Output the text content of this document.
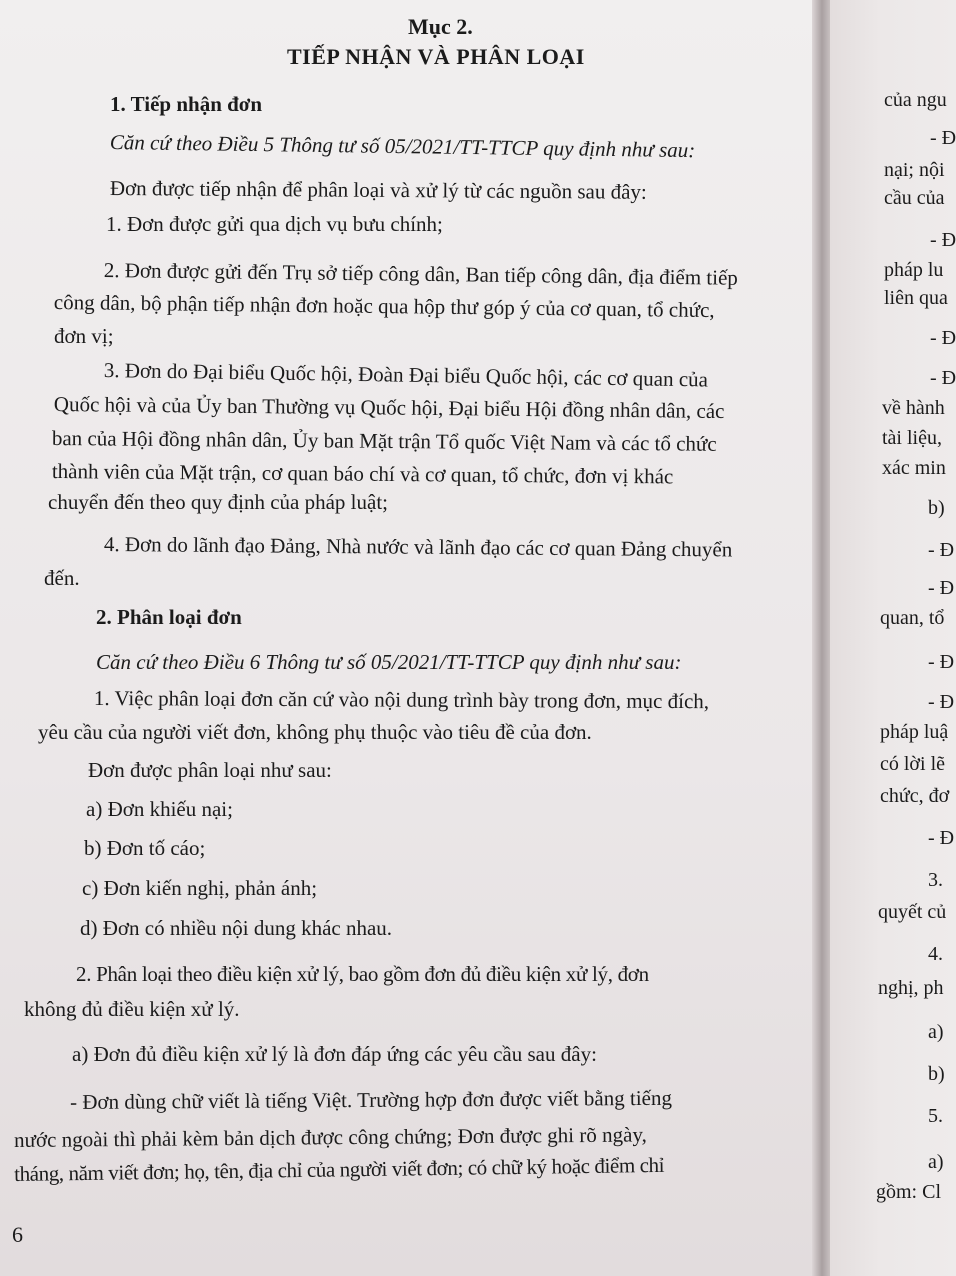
Mục 2.
TIẾP NHẬN VÀ PHÂN LOẠI
1. Tiếp nhận đơn
Căn cứ theo Điều 5 Thông tư số 05/2021/TT-TTCP quy định như sau:
Đơn được tiếp nhận để phân loại và xử lý từ các nguồn sau đây:
1. Đơn được gửi qua dịch vụ bưu chính;
2. Đơn được gửi đến Trụ sở tiếp công dân, Ban tiếp công dân, địa điểm tiếp
công dân, bộ phận tiếp nhận đơn hoặc qua hộp thư góp ý của cơ quan, tổ chức,
đơn vị;
3. Đơn do Đại biểu Quốc hội, Đoàn Đại biểu Quốc hội, các cơ quan của
Quốc hội và của Ủy ban Thường vụ Quốc hội, Đại biểu Hội đồng nhân dân, các
ban của Hội đồng nhân dân, Ủy ban Mặt trận Tổ quốc Việt Nam và các tổ chức
thành viên của Mặt trận, cơ quan báo chí và cơ quan, tổ chức, đơn vị khác
chuyển đến theo quy định của pháp luật;
4. Đơn do lãnh đạo Đảng, Nhà nước và lãnh đạo các cơ quan Đảng chuyển
đến.
2. Phân loại đơn
Căn cứ theo Điều 6 Thông tư số 05/2021/TT-TTCP quy định như sau:
1. Việc phân loại đơn căn cứ vào nội dung trình bày trong đơn, mục đích,
yêu cầu của người viết đơn, không phụ thuộc vào tiêu đề của đơn.
Đơn được phân loại như sau:
a) Đơn khiếu nại;
b) Đơn tố cáo;
c) Đơn kiến nghị, phản ánh;
d) Đơn có nhiều nội dung khác nhau.
2. Phân loại theo điều kiện xử lý, bao gồm đơn đủ điều kiện xử lý, đơn
không đủ điều kiện xử lý.
a) Đơn đủ điều kiện xử lý là đơn đáp ứng các yêu cầu sau đây:
- Đơn dùng chữ viết là tiếng Việt. Trường hợp đơn được viết bằng tiếng
nước ngoài thì phải kèm bản dịch được công chứng; Đơn được ghi rõ ngày,
tháng, năm viết đơn; họ, tên, địa chỉ của người viết đơn; có chữ ký hoặc điểm chỉ
6
của ngu
- Đ
nại; nội
cầu của
- Đ
pháp lu
liên qua
- Đ
- Đ
về hành
tài liệu,
xác min
b)
- Đ
- Đ
quan, tổ
- Đ
- Đ
pháp luậ
có lời lẽ
chức, đơ
- Đ
3.
quyết củ
4.
nghị, ph
a)
b)
5.
a)
gồm: Cl
